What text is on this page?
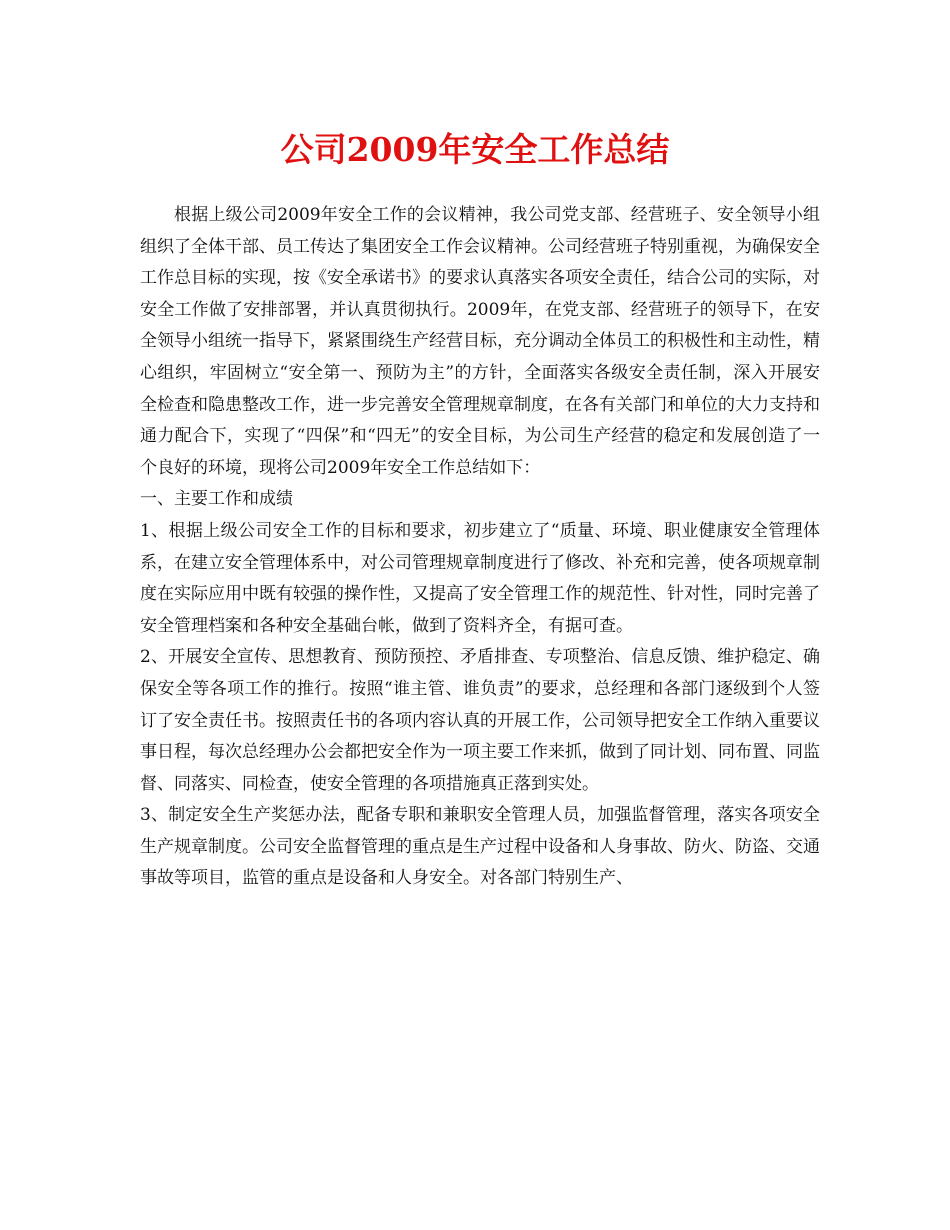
公司2009年安全工作总结

根据上级公司2009年安全工作的会议精神，我公司党支部、经营班子、安全领导小组组织了全体干部、员工传达了集团安全工作会议精神。公司经营班子特别重视，为确保安全工作总目标的实现，按《安全承诺书》的要求认真落实各项安全责任，结合公司的实际，对安全工作做了安排部署，并认真贯彻执行。2009年，在党支部、经营班子的领导下，在安全领导小组统一指导下，紧紧围绕生产经营目标，充分调动全体员工的积极性和主动性，精心组织，牢固树立“安全第一、预防为主”的方针，全面落实各级安全责任制，深入开展安全检查和隐患整改工作，进一步完善安全管理规章制度，在各有关部门和单位的大力支持和通力配合下，实现了“四保”和“四无”的安全目标，为公司生产经营的稳定和发展创造了一个良好的环境，现将公司2009年安全工作总结如下：

一、主要工作和成绩

1、根据上级公司安全工作的目标和要求，初步建立了“质量、环境、职业健康安全管理体系，在建立安全管理体系中，对公司管理规章制度进行了修改、补充和完善，使各项规章制度在实际应用中既有较强的操作性，又提高了安全管理工作的规范性、针对性，同时完善了安全管理档案和各种安全基础台帐，做到了资料齐全，有据可查。

2、开展安全宣传、思想教育、预防预控、矛盾排查、专项整治、信息反馈、维护稳定、确保安全等各项工作的推行。按照“谁主管、谁负责”的要求，总经理和各部门逐级到个人签订了安全责任书。按照责任书的各项内容认真的开展工作，公司领导把安全工作纳入重要议事日程，每次总经理办公会都把安全作为一项主要工作来抓，做到了同计划、同布置、同监督、同落实、同检查，使安全管理的各项措施真正落到实处。

3、制定安全生产奖惩办法，配备专职和兼职安全管理人员，加强监督管理，落实各项安全生产规章制度。公司安全监督管理的重点是生产过程中设备和人身事故、防火、防盗、交通事故等项目，监管的重点是设备和人身安全。对各部门特别生产、
